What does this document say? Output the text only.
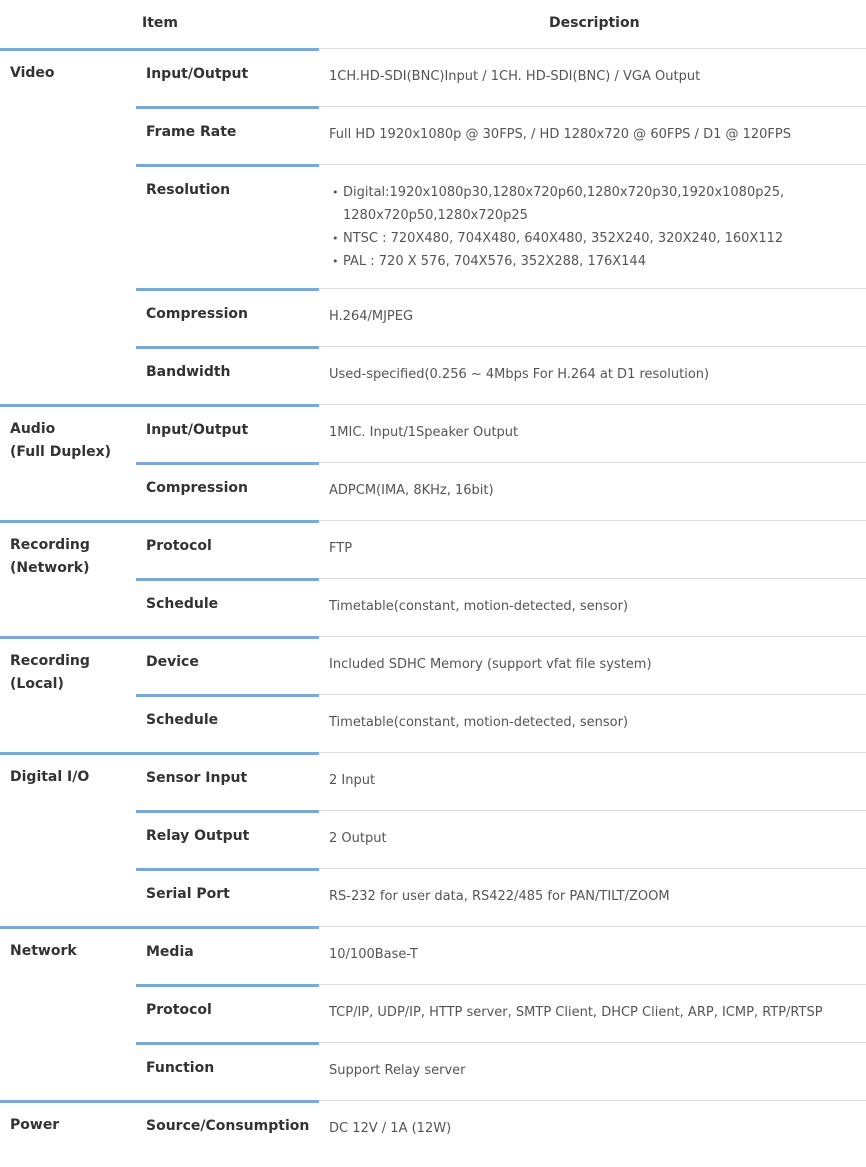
Item	Description
Video	Input/Output	1CH.HD-SDI(BNC)Input / 1CH. HD-SDI(BNC) / VGA Output
Frame Rate	Full HD 1920x1080p @ 30FPS, / HD 1280x720 @ 60FPS / D1 @ 120FPS
Resolution
•	Digital:1920x1080p30,1280x720p60,1280x720p30,1920x1080p25, 1280x720p50,1280x720p25
• NTSC : 720X480, 704X480, 640X480, 352X240, 320X240, 160X112
• PAL : 720 X 576, 704X576, 352X288, 176X144
Compression	H.264/MJPEG
Bandwidth	Used-specified(0.256 ~ 4Mbps For H.264 at D1 resolution)
Audio
(Full Duplex)
Input/Output	1MIC. Input/1Speaker Output
Compression	ADPCM(IMA, 8KHz, 16bit)
Recording
(Network)
Protocol	FTP
Schedule	Timetable(constant, motion-detected, sensor)
Recording
(Local)
Device	Included SDHC Memory (support vfat file system)
Schedule	Timetable(constant, motion-detected, sensor)
Digital I/O	Sensor Input	2 Input
Relay Output	2 Output
Serial Port	RS-232 for user data, RS422/485 for PAN/TILT/ZOOM
Network	Media	10/100Base-T
Protocol	TCP/IP, UDP/IP, HTTP server, SMTP Client, DHCP Client, ARP, ICMP, RTP/RTSP
Function	Support Relay server
Power	Source/Consumption	DC 12V / 1A (12W)
